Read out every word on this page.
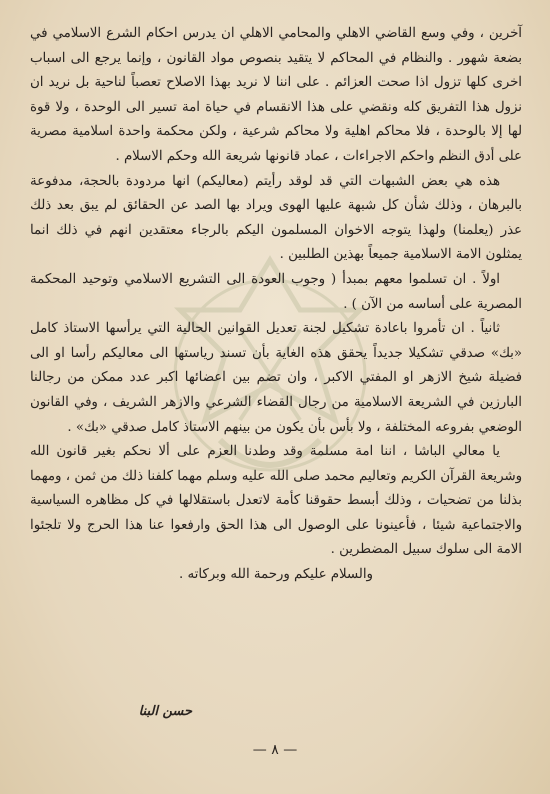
آخرين ، وفي وسع القاضي الاهلي والمحامي الاهلي ان يدرس احكام الشرع الاسلامي في بضعة شهور . والنظام في المحاكم لا يتقيد بنصوص مواد القانون ، وإنما يرجع الى اسباب اخرى كلها تزول اذا صحت العزائم . على اننا لا نريد بهذا الاصلاح تعصباً لناحية بل نريد ان نزول هذا التفريق كله ونقضي على هذا الانقسام في حياة امة تسير الى الوحدة ، ولا قوة لها إلا بالوحدة ، فلا محاكم اهلية ولا محاكم شرعية ، ولكن محكمة واحدة اسلامية مصرية على أدق النظم واحكم الاجراءات ، عماد قانونها شريعة الله وحكم الاسلام .

هذه هي بعض الشبهات التي قد لوقد رأيتم (معاليكم) انها مردودة بالحجة، مدفوعة بالبرهان ، وذلك شأن كل شبهة عليها الهوى ويراد بها الصد عن الحقائق لم يبق بعد ذلك عذر (يعلمنا) ولهذا يتوجه الاخوان المسلمون اليكم بالرجاء معتقدين انهم في ذلك انما يمثلون الامة الاسلامية جميعاً بهذين الطلبين .

اولاً . ان تسلموا معهم بمبدأ ( وجوب العودة الى التشريع الاسلامي وتوحيد المحكمة المصرية على أساسه من الآن ) .

ثانياً . ان تأمروا باعادة تشكيل لجنة تعديل القوانين الحالية التي يرأسها الاستاذ كامل «بك» صدقي تشكيلا جديداً يحقق هذه الغاية بأن تسند رياستها الى معاليكم رأسا او الى فضيلة شيخ الازهر او المفتي الاكبر ، وان تضم بين اعضائها اكبر عدد ممكن من رجالنا البارزين في الشريعة الاسلامية من رجال القضاء الشرعي والازهر الشريف ، وفي القانون الوضعي بفروعه المختلفة ، ولا بأس بأن يكون من بينهم الاستاذ كامل صدقي «بك» .

يا معالي الباشا ، اننا امة مسلمة وقد وطدنا العزم على ألا نحكم بغير قانون الله وشريعة القرآن الكريم وتعاليم محمد صلى الله عليه وسلم مهما كلفنا ذلك من ثمن ، ومهما بذلنا من تضحيات ، وذلك أبسط حقوقنا كأمة لاتعدل باستقلالها في كل مظاهره السياسية والاجتماعية شيئا ، فأعينونا على الوصول الى هذا الحق وارفعوا عنا هذا الحرج ولا تلجئوا الامة الى سلوك سبيل المضطرين .

والسلام عليكم ورحمة الله وبركاته .

حسن البنا
— ٨ —
